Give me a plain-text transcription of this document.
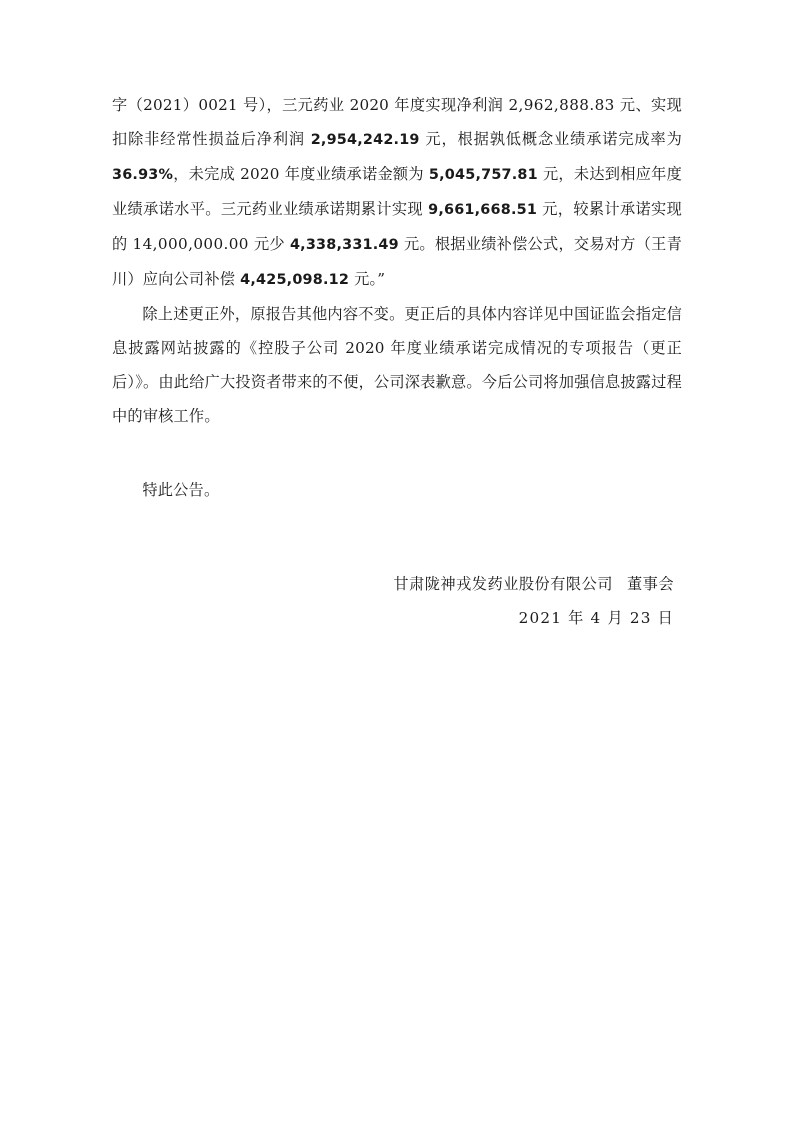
字（2021）0021 号），三元药业 2020 年度实现净利润 2,962,888.83 元、实现扣除非经常性损益后净利润 2,954,242.19 元，根据孰低概念业绩承诺完成率为36.93%，未完成 2020 年度业绩承诺金额为 5,045,757.81 元，未达到相应年度业绩承诺水平。三元药业业绩承诺期累计实现 9,661,668.51 元，较累计承诺实现的 14,000,000.00 元少 4,338,331.49 元。根据业绩补偿公式，交易对方（王青川）应向公司补偿 4,425,098.12 元。”

除上述更正外，原报告其他内容不变。更正后的具体内容详见中国证监会指定信息披露网站披露的《控股子公司 2020 年度业绩承诺完成情况的专项报告（更正后）》。由此给广大投资者带来的不便，公司深表歉意。今后公司将加强信息披露过程中的审核工作。

特此公告。

甘肃陇神戎发药业股份有限公司 董事会
2021 年 4 月 23 日
